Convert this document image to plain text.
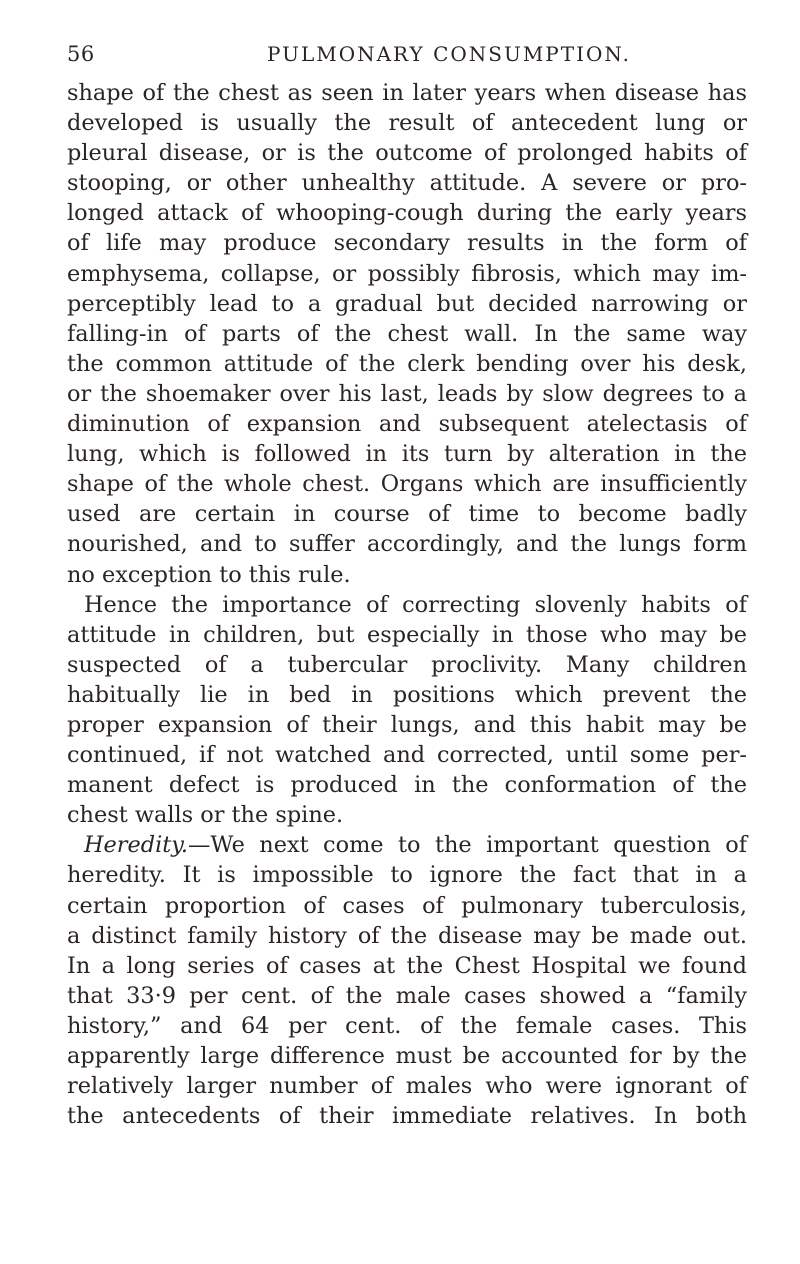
56	PULMONARY CONSUMPTION.
shape of the chest as seen in later years when disease has
developed is usually the result of antecedent lung or
pleural disease, or is the outcome of prolonged habits of
stooping, or other unhealthy attitude. A severe or pro-
longed attack of whooping-cough during the early years
of life may produce secondary results in the form of
emphysema, collapse, or possibly fibrosis, which may im-
perceptibly lead to a gradual but decided narrowing or
falling-in of parts of the chest wall. In the same way
the common attitude of the clerk bending over his desk,
or the shoemaker over his last, leads by slow degrees to a
diminution of expansion and subsequent atelectasis of
lung, which is followed in its turn by alteration in the
shape of the whole chest. Organs which are insufficiently
used are certain in course of time to become badly
nourished, and to suffer accordingly, and the lungs form
no exception to this rule.
Hence the importance of correcting slovenly habits of
attitude in children, but especially in those who may be
suspected of a tubercular proclivity. Many children
habitually lie in bed in positions which prevent the
proper expansion of their lungs, and this habit may be
continued, if not watched and corrected, until some per-
manent defect is produced in the conformation of the
chest walls or the spine.
Heredity.—We next come to the important question of
heredity. It is impossible to ignore the fact that in a
certain proportion of cases of pulmonary tuberculosis,
a distinct family history of the disease may be made out.
In a long series of cases at the Chest Hospital we found
that 33·9 per cent. of the male cases showed a “family
history,” and 64 per cent. of the female cases. This
apparently large difference must be accounted for by the
relatively larger number of males who were ignorant of
the antecedents of their immediate relatives. In both
